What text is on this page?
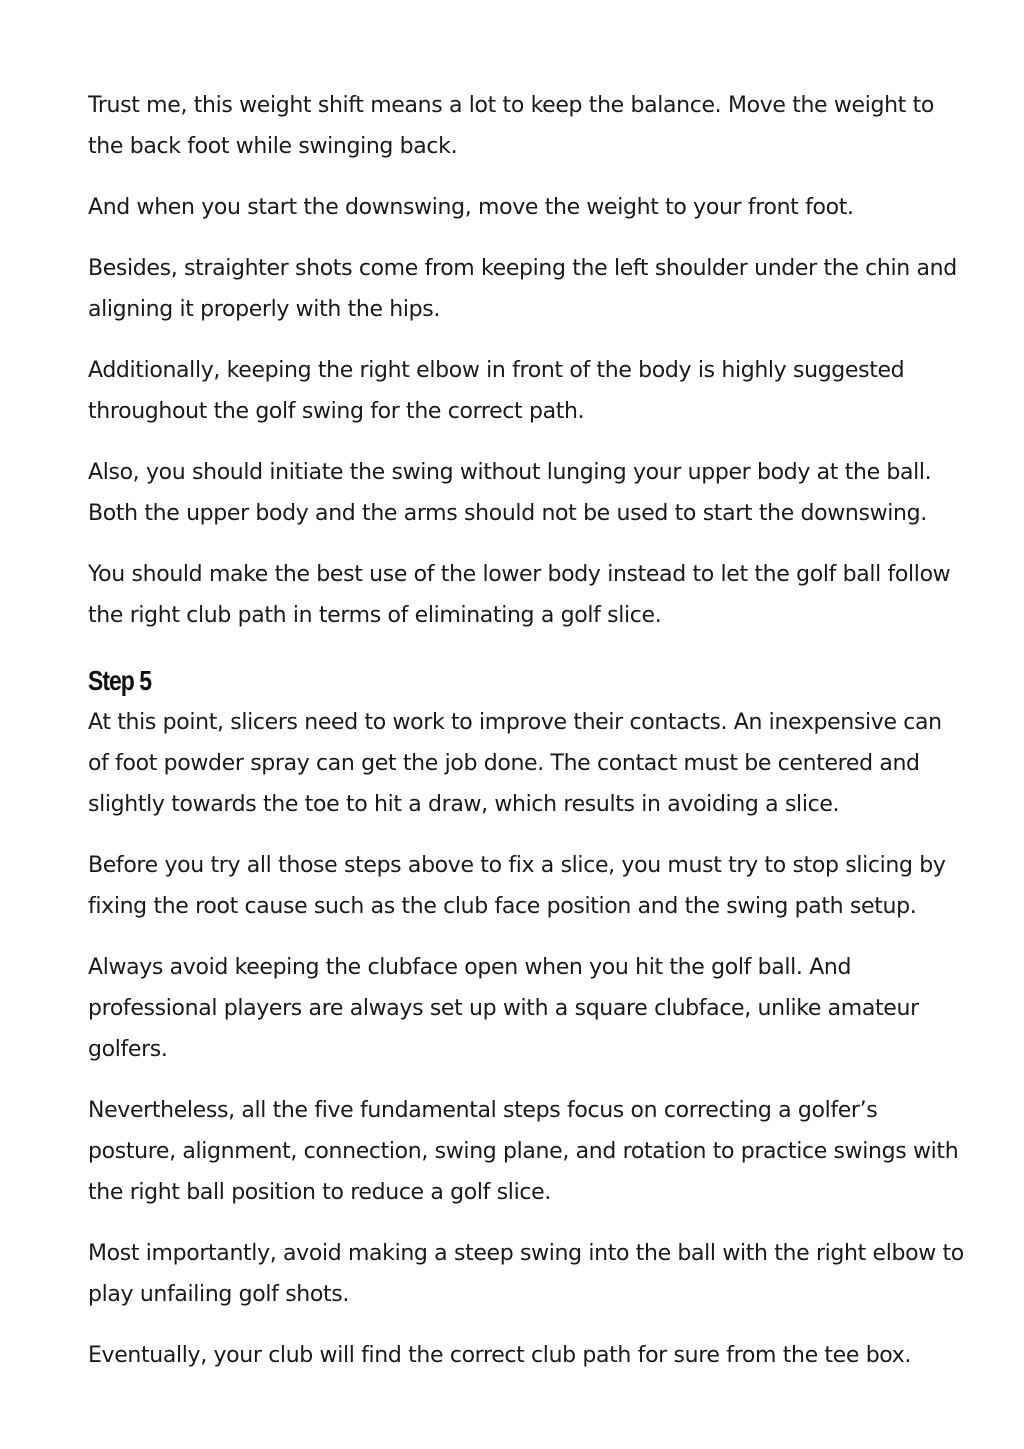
Trust me, this weight shift means a lot to keep the balance. Move the weight to the back foot while swinging back.

And when you start the downswing, move the weight to your front foot.

Besides, straighter shots come from keeping the left shoulder under the chin and aligning it properly with the hips.

Additionally, keeping the right elbow in front of the body is highly suggested throughout the golf swing for the correct path.

Also, you should initiate the swing without lunging your upper body at the ball. Both the upper body and the arms should not be used to start the downswing.

You should make the best use of the lower body instead to let the golf ball follow the right club path in terms of eliminating a golf slice.

Step 5

At this point, slicers need to work to improve their contacts. An inexpensive can of foot powder spray can get the job done. The contact must be centered and slightly towards the toe to hit a draw, which results in avoiding a slice.

Before you try all those steps above to fix a slice, you must try to stop slicing by fixing the root cause such as the club face position and the swing path setup.

Always avoid keeping the clubface open when you hit the golf ball. And professional players are always set up with a square clubface, unlike amateur golfers.

Nevertheless, all the five fundamental steps focus on correcting a golfer’s posture, alignment, connection, swing plane, and rotation to practice swings with the right ball position to reduce a golf slice.

Most importantly, avoid making a steep swing into the ball with the right elbow to play unfailing golf shots.

Eventually, your club will find the correct club path for sure from the tee box.
